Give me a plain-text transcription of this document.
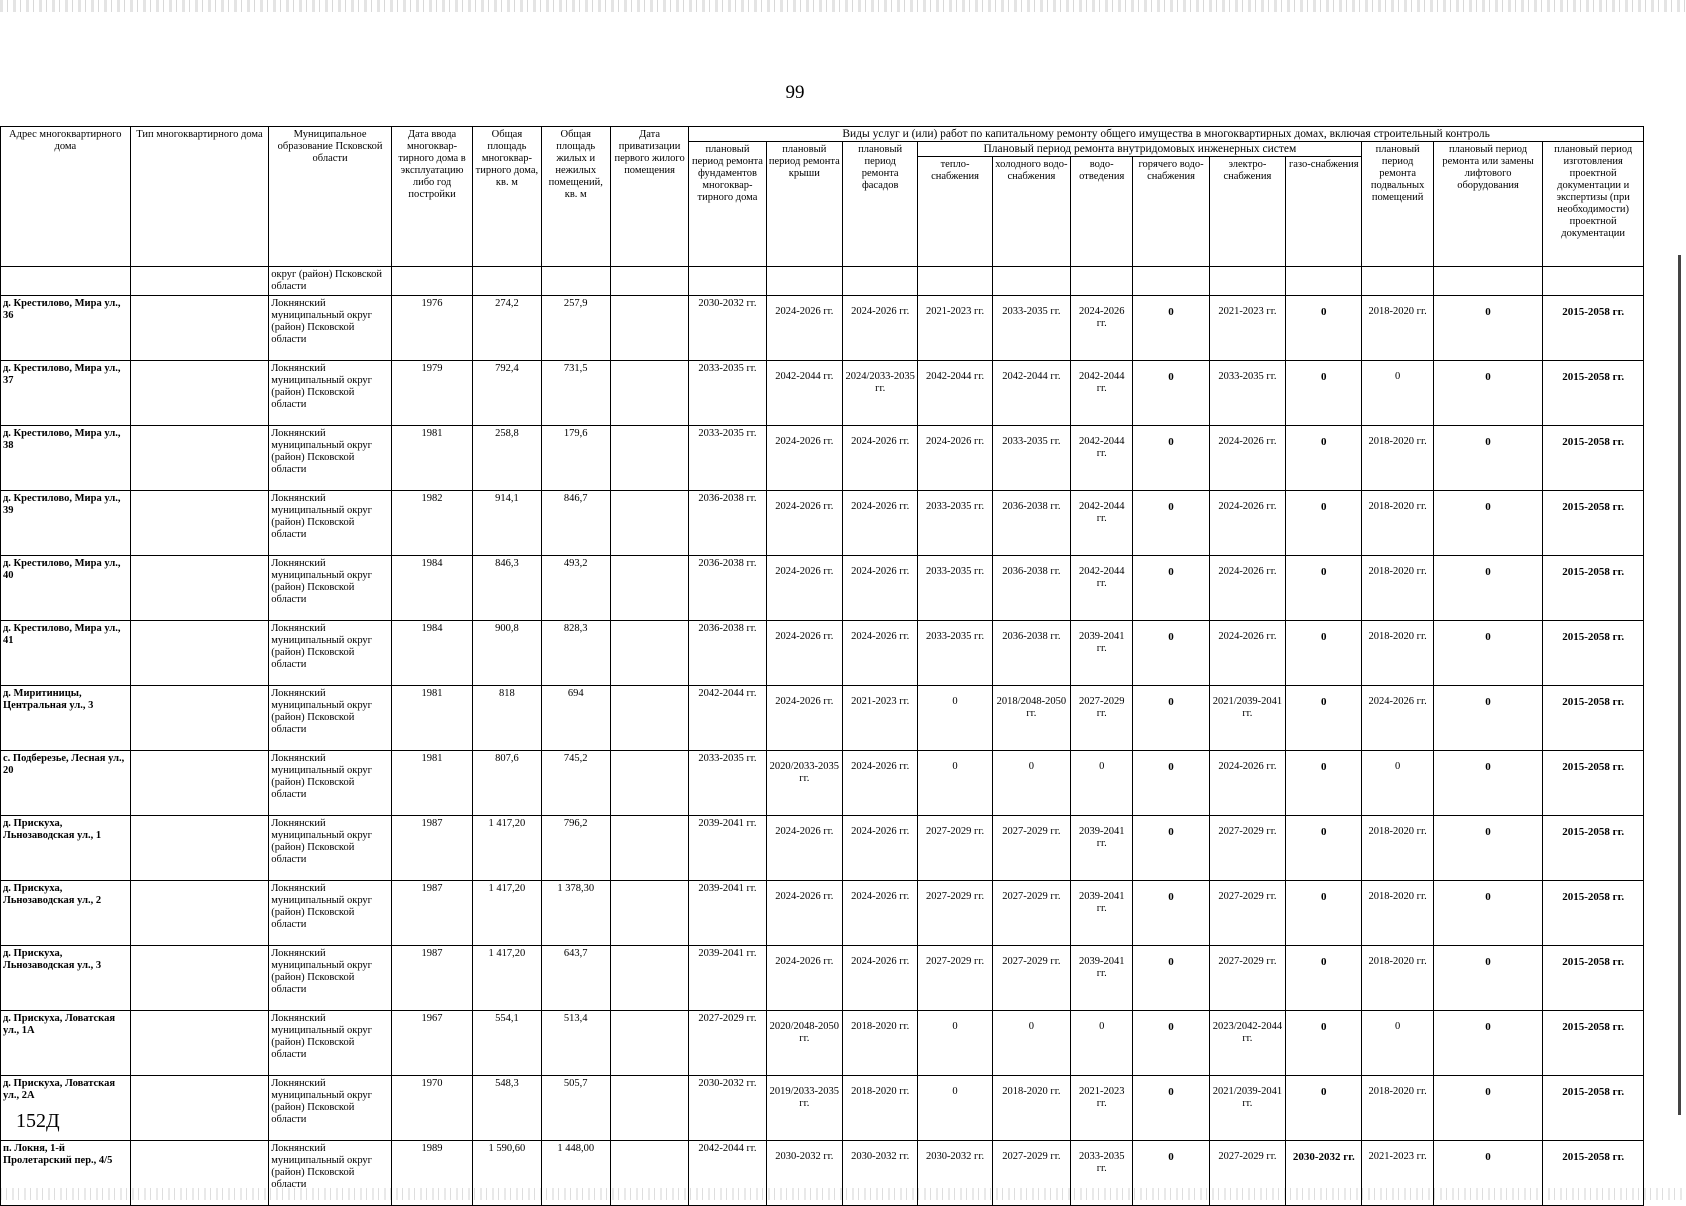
99
Адрес многоквартирного дома	Тип многоквартирного дома	Муниципальное образование Псковской области	Дата ввода многоквар-тирного дома в эксплуатацию либо год постройки	Общая площадь многоквар-тирного дома, кв. м	Общая площадь жилых и нежилых помещений, кв. м	Дата приватизации первого жилого помещения	Виды услуг и (или) работ по капитальному ремонту общего имущества в многоквартирных домах, включая строительный контроль											
							плановый период ремонта фундаментов многоквар-тирного дома	плановый период ремонта крыши	плановый период ремонта фасадов	Плановый период ремонта внутридомовых инженерных систем						плановый период ремонта подвальных помещений	плановый период ремонта или замены лифтового оборудования	плановый период изготовления проектной документации и экспертизы (при необходимости) проектной документации
										тепло-снабжения	холодного водо-снабжения	водо-отведения	горячего водо-снабжения	электро-снабжения	газо-снабжения			
		округ (район) Псковской области																
д. Крестилово, Мира ул., 36		Локнянский муниципальный округ (район) Псковской области	1976	274,2	257,9		2030-2032 гг.	2024-2026 гг.	2024-2026 гг.	2021-2023 гг.	2033-2035 гг.	2024-2026 гг.	0	2021-2023 гг.	0	2018-2020 гг.	0	2015-2058 гг.
д. Крестилово, Мира ул., 37		Локнянский муниципальный округ (район) Псковской области	1979	792,4	731,5		2033-2035 гг.	2042-2044 гг.	2024/2033-2035 гг.	2042-2044 гг.	2042-2044 гг.	2042-2044 гг.	0	2033-2035 гг.	0	0	0	2015-2058 гг.
д. Крестилово, Мира ул., 38		Локнянский муниципальный округ (район) Псковской области	1981	258,8	179,6		2033-2035 гг.	2024-2026 гг.	2024-2026 гг.	2024-2026 гг.	2033-2035 гг.	2042-2044 гг.	0	2024-2026 гг.	0	2018-2020 гг.	0	2015-2058 гг.
д. Крестилово, Мира ул., 39		Локнянский муниципальный округ (район) Псковской области	1982	914,1	846,7		2036-2038 гг.	2024-2026 гг.	2024-2026 гг.	2033-2035 гг.	2036-2038 гг.	2042-2044 гг.	0	2024-2026 гг.	0	2018-2020 гг.	0	2015-2058 гг.
д. Крестилово, Мира ул., 40		Локнянский муниципальный округ (район) Псковской области	1984	846,3	493,2		2036-2038 гг.	2024-2026 гг.	2024-2026 гг.	2033-2035 гг.	2036-2038 гг.	2042-2044 гг.	0	2024-2026 гг.	0	2018-2020 гг.	0	2015-2058 гг.
д. Крестилово, Мира ул., 41		Локнянский муниципальный округ (район) Псковской области	1984	900,8	828,3		2036-2038 гг.	2024-2026 гг.	2024-2026 гг.	2033-2035 гг.	2036-2038 гг.	2039-2041 гг.	0	2024-2026 гг.	0	2018-2020 гг.	0	2015-2058 гг.
д. Миритиницы, Центральная ул., 3		Локнянский муниципальный округ (район) Псковской области	1981	818	694		2042-2044 гг.	2024-2026 гг.	2021-2023 гг.	0	2018/2048-2050 гг.	2027-2029 гг.	0	2021/2039-2041 гг.	0	2024-2026 гг.	0	2015-2058 гг.
с. Подберезье, Лесная ул., 20		Локнянский муниципальный округ (район) Псковской области	1981	807,6	745,2		2033-2035 гг.	2020/2033-2035 гг.	2024-2026 гг.	0	0	0	0	2024-2026 гг.	0	0	0	2015-2058 гг.
д. Прискуха, Льнозаводская ул., 1		Локнянский муниципальный округ (район) Псковской области	1987	1 417,20	796,2		2039-2041 гг.	2024-2026 гг.	2024-2026 гг.	2027-2029 гг.	2027-2029 гг.	2039-2041 гг.	0	2027-2029 гг.	0	2018-2020 гг.	0	2015-2058 гг.
д. Прискуха, Льнозаводская ул., 2		Локнянский муниципальный округ (район) Псковской области	1987	1 417,20	1 378,30		2039-2041 гг.	2024-2026 гг.	2024-2026 гг.	2027-2029 гг.	2027-2029 гг.	2039-2041 гг.	0	2027-2029 гг.	0	2018-2020 гг.	0	2015-2058 гг.
д. Прискуха, Льнозаводская ул., 3		Локнянский муниципальный округ (район) Псковской области	1987	1 417,20	643,7		2039-2041 гг.	2024-2026 гг.	2024-2026 гг.	2027-2029 гг.	2027-2029 гг.	2039-2041 гг.	0	2027-2029 гг.	0	2018-2020 гг.	0	2015-2058 гг.
д. Прискуха, Ловатская ул., 1А		Локнянский муниципальный округ (район) Псковской области	1967	554,1	513,4		2027-2029 гг.	2020/2048-2050 гг.	2018-2020 гг.	0	0	0	0	2023/2042-2044 гг.	0	0	0	2015-2058 гг.
д. Прискуха, Ловатская ул., 2А		Локнянский муниципальный округ (район) Псковской области	1970	548,3	505,7		2030-2032 гг.	2019/2033-2035 гг.	2018-2020 гг.	0	2018-2020 гг.	2021-2023 гг.	0	2021/2039-2041 гг.	0	2018-2020 гг.	0	2015-2058 гг.
п. Локня, 1-й Пролетарский пер., 4/5		Локнянский муниципальный округ (район) Псковской области	1989	1 590,60	1 448,00		2042-2044 гг.	2030-2032 гг.	2030-2032 гг.	2030-2032 гг.	2027-2029 гг.	2033-2035 гг.	0	2027-2029 гг.	2030-2032 гг.	2021-2023 гг.	0	2015-2058 гг.
152Д
